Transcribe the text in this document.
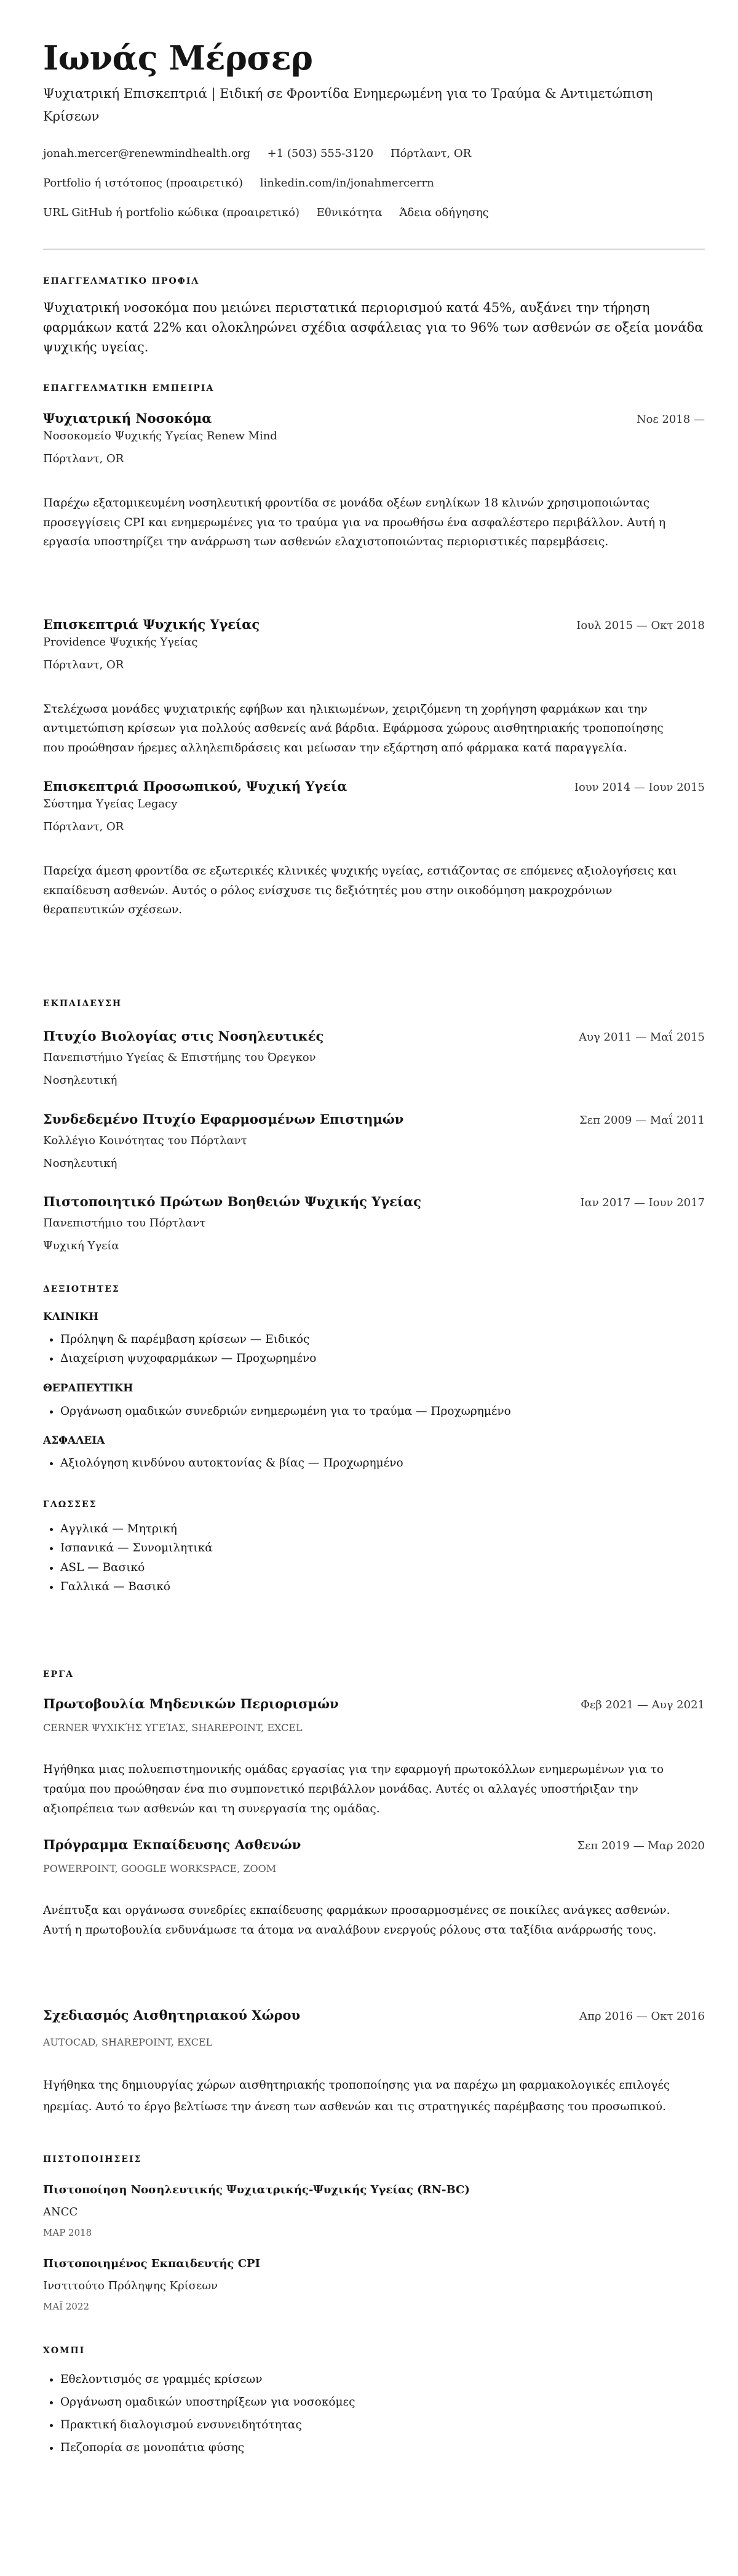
Ιωνάς Μέρσερ
Ψυχιατρική Επισκεπτριά | Ειδική σε Φροντίδα Ενημερωμένη για το Τραύμα & Αντιμετώπιση Κρίσεων
jonah.mercer@renewmindhealth.org +1 (503) 555-3120 Πόρτλαντ, OR
Portfolio ή ιστότοπος (προαιρετικό) linkedin.com/in/jonahmercerrn
URL GitHub ή portfolio κώδικα (προαιρετικό) Εθνικότητα Άδεια οδήγησης
ΕΠΑΓΓΕΛΜΑΤΙΚΟ ΠΡΟΦΙΛ

Ψυχιατρική νοσοκόμα που μειώνει περιστατικά περιορισμού κατά 45%, αυξάνει την τήρηση φαρμάκων κατά 22% και ολοκληρώνει σχέδια ασφάλειας για το 96% των ασθενών σε οξεία μονάδα ψυχικής υγείας.

ΕΠΑΓΓΕΛΜΑΤΙΚΗ ΕΜΠΕΙΡΙΑ
Ψυχιατρική Νοσοκόμα	Νοε 2018 —
Νοσοκομείο Ψυχικής Υγείας Renew Mind
Πόρτλαντ, OR
Παρέχω εξατομικευμένη νοσηλευτική φροντίδα σε μονάδα οξέων ενηλίκων 18 κλινών χρησιμοποιώντας προσεγγίσεις CPI και ενημερωμένες για το τραύμα για να προωθήσω ένα ασφαλέστερο περιβάλλον. Αυτή η εργασία υποστηρίζει την ανάρρωση των ασθενών ελαχιστοποιώντας περιοριστικές παρεμβάσεις.
Επισκεπτριά Ψυχικής Υγείας	Ιουλ 2015 — Οκτ 2018
Providence Ψυχικής Υγείας
Πόρτλαντ, OR
Στελέχωσα μονάδες ψυχιατρικής εφήβων και ηλικιωμένων, χειριζόμενη τη χορήγηση φαρμάκων και την αντιμετώπιση κρίσεων για πολλούς ασθενείς ανά βάρδια. Εφάρμοσα χώρους αισθητηριακής τροποποίησης που προώθησαν ήρεμες αλληλεπιδράσεις και μείωσαν την εξάρτηση από φάρμακα κατά παραγγελία.
Επισκεπτριά Προσωπικού, Ψυχική Υγεία	Ιουν 2014 — Ιουν 2015
Σύστημα Υγείας Legacy
Πόρτλαντ, OR
Παρείχα άμεση φροντίδα σε εξωτερικές κλινικές ψυχικής υγείας, εστιάζοντας σε επόμενες αξιολογήσεις και εκπαίδευση ασθενών. Αυτός ο ρόλος ενίσχυσε τις δεξιότητές μου στην οικοδόμηση μακροχρόνιων θεραπευτικών σχέσεων.
ΕΚΠΑΙΔΕΥΣΗ
Πτυχίο Βιολογίας στις Νοσηλευτικές	Αυγ 2011 — Μαΐ 2015
Πανεπιστήμιο Υγείας & Επιστήμης του Όρεγκον
Νοσηλευτική
Συνδεδεμένο Πτυχίο Εφαρμοσμένων Επιστημών	Σεπ 2009 — Μαΐ 2011
Κολλέγιο Κοινότητας του Πόρτλαντ
Νοσηλευτική
Πιστοποιητικό Πρώτων Βοηθειών Ψυχικής Υγείας	Ιαν 2017 — Ιουν 2017
Πανεπιστήμιο του Πόρτλαντ
Ψυχική Υγεία
ΔΕΞΙΟΤΗΤΕΣ
ΚΛΙΝΙΚΗ
• Πρόληψη & παρέμβαση κρίσεων — Ειδικός
• Διαχείριση ψυχοφαρμάκων — Προχωρημένο
ΘΕΡΑΠΕΥΤΙΚΗ
• Οργάνωση ομαδικών συνεδριών ενημερωμένη για το τραύμα — Προχωρημένο
ΑΣΦΑΛΕΙΑ
• Αξιολόγηση κινδύνου αυτοκτονίας & βίας — Προχωρημένο
ΓΛΩΣΣΕΣ
• Αγγλικά — Μητρική
• Ισπανικά — Συνομιλητικά
• ASL — Βασικό
• Γαλλικά — Βασικό
ΕΡΓΑ
Πρωτοβουλία Μηδενικών Περιορισμών	Φεβ 2021 — Αυγ 2021
CERNER ΨΥΧΙΚΉΣ ΥΓΕΊΑΣ, SHAREPOINT, EXCEL
Ηγήθηκα μιας πολυεπιστημονικής ομάδας εργασίας για την εφαρμογή πρωτοκόλλων ενημερωμένων για το τραύμα που προώθησαν ένα πιο συμπονετικό περιβάλλον μονάδας. Αυτές οι αλλαγές υποστήριξαν την αξιοπρέπεια των ασθενών και τη συνεργασία της ομάδας.
Πρόγραμμα Εκπαίδευσης Ασθενών	Σεπ 2019 — Μαρ 2020
POWERPOINT, GOOGLE WORKSPACE, ZOOM
Ανέπτυξα και οργάνωσα συνεδρίες εκπαίδευσης φαρμάκων προσαρμοσμένες σε ποικίλες ανάγκες ασθενών. Αυτή η πρωτοβουλία ενδυνάμωσε τα άτομα να αναλάβουν ενεργούς ρόλους στα ταξίδια ανάρρωσής τους.
Σχεδιασμός Αισθητηριακού Χώρου	Απρ 2016 — Οκτ 2016
AUTOCAD, SHAREPOINT, EXCEL
Ηγήθηκα της δημιουργίας χώρων αισθητηριακής τροποποίησης για να παρέχω μη φαρμακολογικές επιλογές ηρεμίας. Αυτό το έργο βελτίωσε την άνεση των ασθενών και τις στρατηγικές παρέμβασης του προσωπικού.
ΠΙΣΤΟΠΟΙΗΣΕΙΣ
Πιστοποίηση Νοσηλευτικής Ψυχιατρικής-Ψυχικής Υγείας (RN-BC)
ANCC
ΜΑΡ 2018
Πιστοποιημένος Εκπαιδευτής CPI
Ινστιτούτο Πρόληψης Κρίσεων
ΜΑΪ 2022
ΧΟΜΠΙ
• Εθελοντισμός σε γραμμές κρίσεων
• Οργάνωση ομαδικών υποστηρίξεων για νοσοκόμες
• Πρακτική διαλογισμού ενσυνειδητότητας
• Πεζοπορία σε μονοπάτια φύσης
